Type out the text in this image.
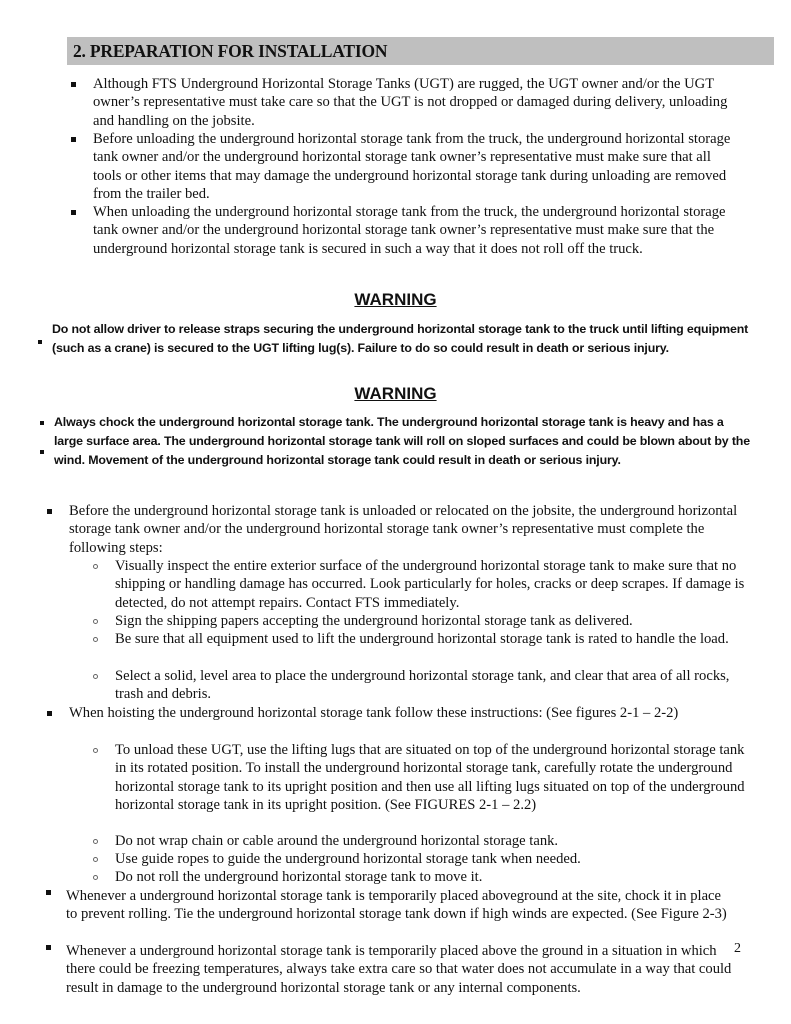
2. PREPARATION FOR INSTALLATION
Although FTS Underground Horizontal Storage Tanks (UGT) are rugged, the UGT owner and/or the UGT owner’s representative must take care so that the UGT is not dropped or damaged during delivery, unloading and handling on the jobsite.
Before unloading the underground horizontal storage tank from the truck, the underground horizontal storage tank owner and/or the underground horizontal storage tank owner’s representative must make sure that all tools or other items that may damage the underground horizontal storage tank during unloading are removed from the trailer bed.
When unloading the underground horizontal storage tank from the truck, the underground horizontal storage tank owner and/or the underground horizontal storage tank owner’s representative must make sure that the underground horizontal storage tank is secured in such a way that it does not roll off the truck.
WARNING
Do not allow driver to release straps securing the underground horizontal storage tank to the truck until lifting equipment (such as a crane) is secured to the UGT lifting lug(s). Failure to do so could result in death or serious injury.
WARNING
Always chock the underground horizontal storage tank. The underground horizontal storage tank is heavy and has a large surface area. The underground horizontal storage tank will roll on sloped surfaces and could be blown about by the wind. Movement of the underground horizontal storage tank could result in death or serious injury.
Before the underground horizontal storage tank is unloaded or relocated on the jobsite, the underground horizontal storage tank owner and/or the underground horizontal storage tank owner’s representative must complete the following steps:
Visually inspect the entire exterior surface of the underground horizontal storage tank to make sure that no shipping or handling damage has occurred. Look particularly for holes, cracks or deep scrapes. If damage is detected, do not attempt repairs. Contact FTS immediately.
Sign the shipping papers accepting the underground horizontal storage tank as delivered.
Be sure that all equipment used to lift the underground horizontal storage tank is rated to handle the load.
Select a solid, level area to place the underground horizontal storage tank, and clear that area of all rocks, trash and debris.
When hoisting the underground horizontal storage tank follow these instructions: (See figures 2-1 – 2-2)
To unload these UGT, use the lifting lugs that are situated on top of the underground horizontal storage tank in its rotated position. To install the underground horizontal storage tank, carefully rotate the underground horizontal storage tank to its upright position and then use all lifting lugs situated on top of the underground horizontal storage tank in its upright position. (See FIGURES 2-1 – 2.2)
Do not wrap chain or cable around the underground horizontal storage tank.
Use guide ropes to guide the underground horizontal storage tank when needed.
Do not roll the underground horizontal storage tank to move it.
Whenever a underground horizontal storage tank is temporarily placed aboveground at the site, chock it in place to prevent rolling. Tie the underground horizontal storage tank down if high winds are expected. (See Figure 2-3)
Whenever a underground horizontal storage tank is temporarily placed above the ground in a situation in which there could be freezing temperatures, always take extra care so that water does not accumulate in a way that could result in damage to the underground horizontal storage tank or any internal components.
2
